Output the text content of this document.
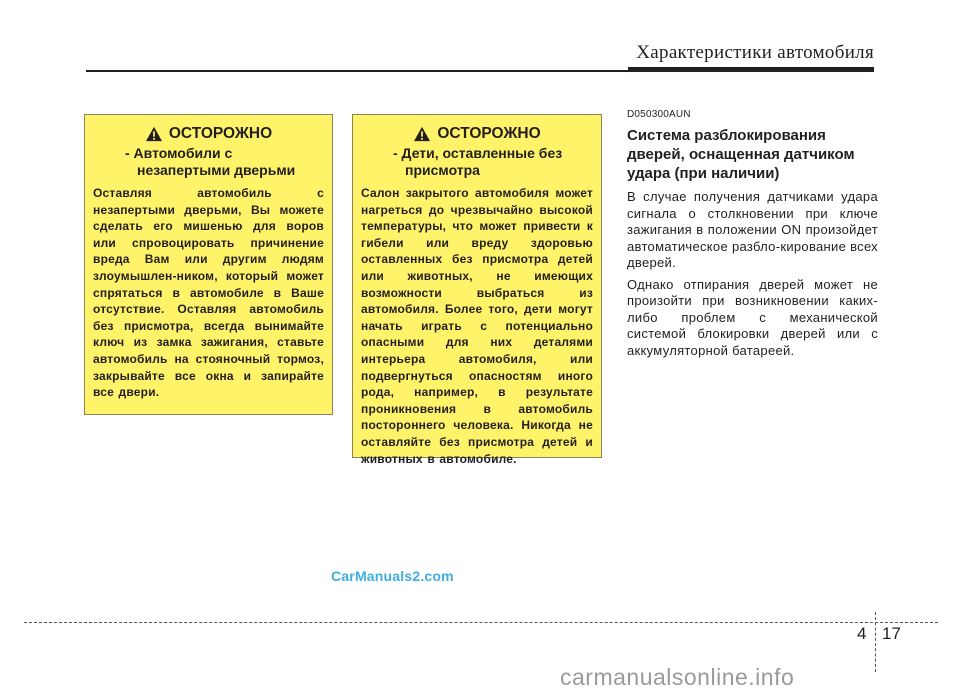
Характеристики автомобиля
ОСТОРОЖНО

- Автомобили с незапертыми дверьми

Оставляя автомобиль с незапертыми дверьми, Вы можете сделать его мишенью для воров или спровоцировать причинение вреда Вам или другим людям злоумышлен-ником, который может спрятаться в автомобиле в Ваше отсутствие. Оставляя автомобиль без присмотра, всегда вынимайте ключ из замка зажигания, ставьте автомобиль на стояночный тормоз, закрывайте все окна и запирайте все двери.

ОСТОРОЖНО

- Дети, оставленные без присмотра

Салон закрытого автомобиля может нагреться до чрезвычайно высокой температуры, что может привести к гибели или вреду здоровью оставленных без присмотра детей или животных, не имеющих возможности выбраться из автомобиля. Более того, дети могут начать играть с потенциально опасными для них деталями интерьера автомобиля, или подвергнуться опасностям иного рода, например, в результате проникновения в автомобиль постороннего человека. Никогда не оставляйте без присмотра детей и животных в автомобиле.

D050300AUN
Система разблокирования дверей, оснащенная датчиком удара (при наличии)

В случае получения датчиками удара сигнала о столкновении при ключе зажигания в положении ON произойдет автоматическое разбло-кирование всех дверей.

Однако отпирания дверей может не произойти при возникновении каких-либо проблем с механической системой блокировки дверей или с аккумуляторной батареей.

CarManuals2.com
4 17
carmanualsonline.info
